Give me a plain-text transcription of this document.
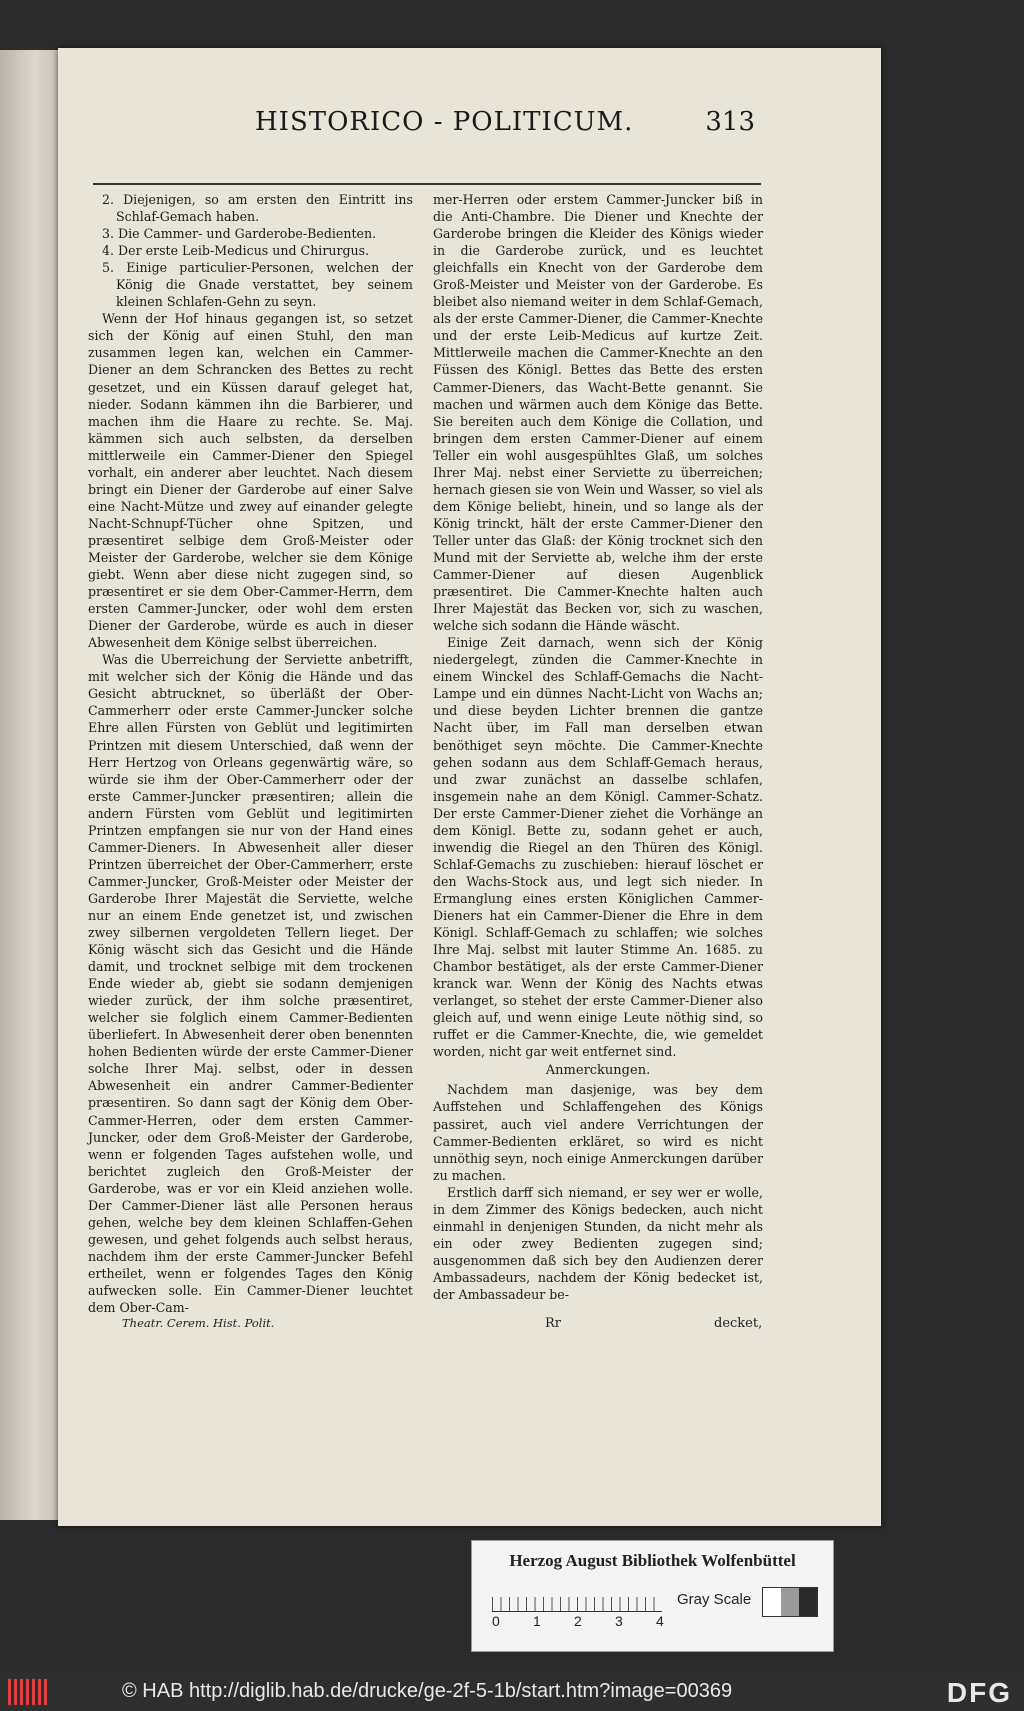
HISTORICO - POLITICUM.	313

2. Diejenigen, so am ersten den Eintritt ins Schlaf-Gemach haben.

3. Die Cammer- und Garderobe-Bedienten.

4. Der erste Leib-Medicus und Chirurgus.

5. Einige particulier-Personen, welchen der König die Gnade verstattet, bey seinem kleinen Schlafen-Gehn zu seyn.

Wenn der Hof hinaus gegangen ist, so setzet sich der König auf einen Stuhl, den man zusammen legen kan, welchen ein Cammer-Diener an dem Schrancken des Bettes zu recht gesetzet, und ein Küssen darauf geleget hat, nieder. Sodann kämmen ihn die Barbierer, und machen ihm die Haare zu rechte. Se. Maj. kämmen sich auch selbsten, da derselben mittlerweile ein Cammer-Diener den Spiegel vorhalt, ein anderer aber leuchtet. Nach diesem bringt ein Diener der Garderobe auf einer Salve eine Nacht-Mütze und zwey auf einander gelegte Nacht-Schnupf-Tücher ohne Spitzen, und præsentiret selbige dem Groß-Meister oder Meister der Garderobe, welcher sie dem Könige giebt. Wenn aber diese nicht zugegen sind, so præsentiret er sie dem Ober-Cammer-Herrn, dem ersten Cammer-Juncker, oder wohl dem ersten Diener der Garderobe, würde es auch in dieser Abwesenheit dem Könige selbst überreichen.

Was die Uberreichung der Serviette anbetrifft, mit welcher sich der König die Hände und das Gesicht abtrucknet, so überläßt der Ober-Cammerherr oder erste Cammer-Juncker solche Ehre allen Fürsten von Geblüt und legitimirten Printzen mit diesem Unterschied, daß wenn der Herr Hertzog von Orleans gegenwärtig wäre, so würde sie ihm der Ober-Cammerherr oder der erste Cammer-Juncker præsentiren; allein die andern Fürsten vom Geblüt und legitimirten Printzen empfangen sie nur von der Hand eines Cammer-Dieners. In Abwesenheit aller dieser Printzen überreichet der Ober-Cammerherr, erste Cammer-Juncker, Groß-Meister oder Meister der Garderobe Ihrer Majestät die Serviette, welche nur an einem Ende genetzet ist, und zwischen zwey silbernen vergoldeten Tellern lieget. Der König wäscht sich das Gesicht und die Hände damit, und trocknet selbige mit dem trockenen Ende wieder ab, giebt sie sodann demjenigen wieder zurück, der ihm solche præsentiret, welcher sie folglich einem Cammer-Bedienten überliefert. In Abwesenheit derer oben benennten hohen Bedienten würde der erste Cammer-Diener solche Ihrer Maj. selbst, oder in dessen Abwesenheit ein andrer Cammer-Bedienter præsentiren. So dann sagt der König dem Ober-Cammer-Herren, oder dem ersten Cammer-Juncker, oder dem Groß-Meister der Garderobe, wenn er folgenden Tages aufstehen wolle, und berichtet zugleich den Groß-Meister der Garderobe, was er vor ein Kleid anziehen wolle. Der Cammer-Diener läst alle Personen heraus gehen, welche bey dem kleinen Schlaffen-Gehen gewesen, und gehet folgends auch selbst heraus, nachdem ihm der erste Cammer-Juncker Befehl ertheilet, wenn er folgendes Tages den König aufwecken solle. Ein Cammer-Diener leuchtet dem Ober-Cam-

mer-Herren oder erstem Cammer-Juncker biß in die Anti-Chambre. Die Diener und Knechte der Garderobe bringen die Kleider des Königs wieder in die Garderobe zurück, und es leuchtet gleichfalls ein Knecht von der Garderobe dem Groß-Meister und Meister von der Garderobe. Es bleibet also niemand weiter in dem Schlaf-Gemach, als der erste Cammer-Diener, die Cammer-Knechte und der erste Leib-Medicus auf kurtze Zeit. Mittlerweile machen die Cammer-Knechte an den Füssen des Königl. Bettes das Bette des ersten Cammer-Dieners, das Wacht-Bette genannt. Sie machen und wärmen auch dem Könige das Bette. Sie bereiten auch dem Könige die Collation, und bringen dem ersten Cammer-Diener auf einem Teller ein wohl ausgespühltes Glaß, um solches Ihrer Maj. nebst einer Serviette zu überreichen; hernach giesen sie von Wein und Wasser, so viel als dem Könige beliebt, hinein, und so lange als der König trinckt, hält der erste Cammer-Diener den Teller unter das Glaß: der König trocknet sich den Mund mit der Serviette ab, welche ihm der erste Cammer-Diener auf diesen Augenblick præsentiret. Die Cammer-Knechte halten auch Ihrer Majestät das Becken vor, sich zu waschen, welche sich sodann die Hände wäscht.

Einige Zeit darnach, wenn sich der König niedergelegt, zünden die Cammer-Knechte in einem Winckel des Schlaff-Gemachs die Nacht-Lampe und ein dünnes Nacht-Licht von Wachs an; und diese beyden Lichter brennen die gantze Nacht über, im Fall man derselben etwan benöthiget seyn möchte. Die Cammer-Knechte gehen sodann aus dem Schlaff-Gemach heraus, und zwar zunächst an dasselbe schlafen, insgemein nahe an dem Königl. Cammer-Schatz. Der erste Cammer-Diener ziehet die Vorhänge an dem Königl. Bette zu, sodann gehet er auch, inwendig die Riegel an den Thüren des Königl. Schlaf-Gemachs zu zuschieben: hierauf löschet er den Wachs-Stock aus, und legt sich nieder. In Ermanglung eines ersten Königlichen Cammer-Dieners hat ein Cammer-Diener die Ehre in dem Königl. Schlaff-Gemach zu schlaffen; wie solches Ihre Maj. selbst mit lauter Stimme An. 1685. zu Chambor bestätiget, als der erste Cammer-Diener kranck war. Wenn der König des Nachts etwas verlanget, so stehet der erste Cammer-Diener also gleich auf, und wenn einige Leute nöthig sind, so ruffet er die Cammer-Knechte, die, wie gemeldet worden, nicht gar weit entfernet sind.

Anmerckungen.

Nachdem man dasjenige, was bey dem Auffstehen und Schlaffengehen des Königs passiret, auch viel andere Verrichtungen der Cammer-Bedienten erkläret, so wird es nicht unnöthig seyn, noch einige Anmerckungen darüber zu machen.

Erstlich darff sich niemand, er sey wer er wolle, in dem Zimmer des Königs bedecken, auch nicht einmahl in denjenigen Stunden, da nicht mehr als ein oder zwey Bedienten zugegen sind; ausgenommen daß sich bey den Audienzen derer Ambassadeurs, nachdem der König bedecket ist, der Ambassadeur be-

Theatr. Cerem. Hist. Polit.	Rr	decket,
Herzog August Bibliothek Wolfenbüttel
0 1 2 3 4
Gray Scale
© HAB http://diglib.hab.de/drucke/ge-2f-5-1b/start.htm?image=00369	DFG
